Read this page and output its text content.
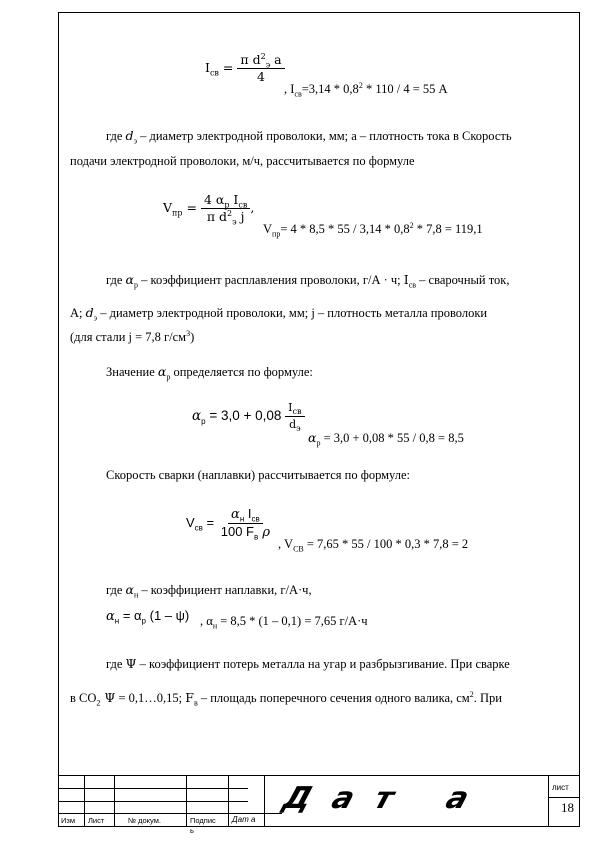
$I_{св} = \frac{\pi d^2_э a}{4}$
, $I_{св}=3,14 * 0,8^2 * 110 / 4 = 55$ А
где $d_э$ – диаметр электродной проволоки, мм; а – плотность тока в Скорость
подачи электродной проволоки, м/ч, рассчитывается по формуле
$V_{пр} = \frac{4 \alpha_р I_{св}}{\pi d^2_э j}$ ,
$V_{пр}= 4 * 8,5 * 55 / 3,14 * 0,8^2 * 7,8 = 119,1$
где $\alpha_р$ – коэффициент расплавления проволоки, г/А · ч; $I_{св}$ – сварочный ток,
А; $d_э$ – диаметр электродной проволоки, мм; j – плотность металла проволоки
(для стали j = 7,8 $г/см^3$)
Значение $\alpha_р$ определяется по формуле:
$\alpha_р = 3,0 + 0,08 \frac{I_{св}}{d_э}$
$\alpha_р = 3,0 + 0,08 * 55 / 0,8 = 8,5$
Скорость сварки (наплавки) рассчитывается по формуле:
$V_{св} = \frac{\alpha_н I_{св}}{100 F_в \rho}$
, $V_{СВ} = 7,65 * 55 / 100 * 0,3 * 7,8 = 2$
где $\alpha_н$ – коэффициент наплавки, г/А·ч,
$\alpha_н = \alpha_р$ (1 – ψ) , $\alpha_н = 8,5 * (1 - 0,1) = 7,65$ г/А·ч
где Ψ – коэффициент потерь металла на угар и разбрызгивание. При сварке
в $CO_2$ Ψ = 0,1…0,15; $F_в$ – площадь поперечного сечения одного валика, $см^2$. При
Изм Лист	№ докум.	Подпис
ь
Дат а
Дат а	лист
18
